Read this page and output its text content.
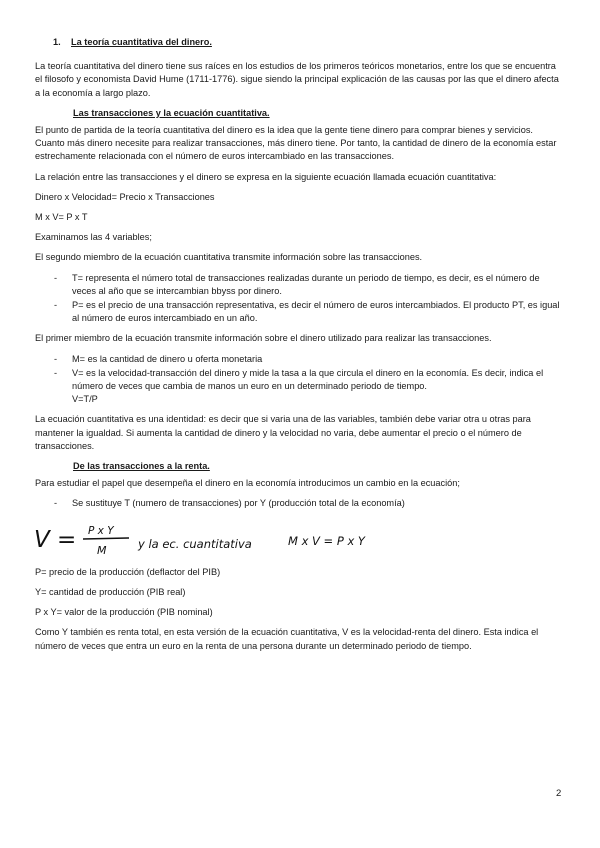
1. La teoría cuantitativa del dinero.

La teoría cuantitativa del dinero tiene sus raíces en los estudios de los primeros teóricos monetarios, entre los que se encuentra el filosofo y economista David Hume (1711-1776). sigue siendo la principal explicación de las causas por las que el dinero afecta a la economía a largo plazo.

Las transacciones y la ecuación cuantitativa.

El punto de partida de la teoría cuantitativa del dinero es la idea que la gente tiene dinero para comprar bienes y servicios. Cuanto más dinero necesite para realizar transacciones, más dinero tiene. Por tanto, la cantidad de dinero de la economía estar estrechamente relacionada con el número de euros intercambiado en las transacciones.

La relación entre las transacciones y el dinero se expresa en la siguiente ecuación llamada ecuación cuantitativa:

Dinero x Velocidad= Precio x Transacciones

M x V= P x T

Examinamos las 4 variables;

El segundo miembro de la ecuación cuantitativa transmite información sobre las transacciones.

- T= representa el número total de transacciones realizadas durante un periodo de tiempo, es decir, es el número de veces al año que se intercambian bbyss por dinero.
- P= es el precio de una transacción representativa, es decir el número de euros intercambiados. El producto PT, es igual al número de euros intercambiado en un año.

El primer miembro de la ecuación transmite información sobre el dinero utilizado para realizar las transacciones.

- M= es la cantidad de dinero u oferta monetaria
- V= es la velocidad-transacción del dinero y mide la tasa a la que circula el dinero en la economía. Es decir, indica el número de veces que cambia de manos un euro en un determinado periodo de tiempo.
V=T/P

La ecuación cuantitativa es una identidad: es decir que si varia una de las variables, también debe variar otra u otras para mantener la igualdad. Si aumenta la cantidad de dinero y la velocidad no varia, debe aumentar el precio o el número de transacciones.

De las transacciones a la renta.

Para estudiar el papel que desempeña el dinero en la economía introducimos un cambio en la ecuación;

- Se sustituye T (numero de transacciones) por Y (producción total de la economía)
V = P x Y
M	y la ec. cuantitativa	M x V = P x Y

P= precio de la producción (deflactor del PIB)

Y= cantidad de producción (PIB real)

P x Y= valor de la producción (PIB nominal)

Como Y también es renta total, en esta versión de la ecuación cuantitativa, V es la velocidad-renta del dinero. Esta indica el número de veces que entra un euro en la renta de una persona durante un determinado periodo de tiempo.

2
